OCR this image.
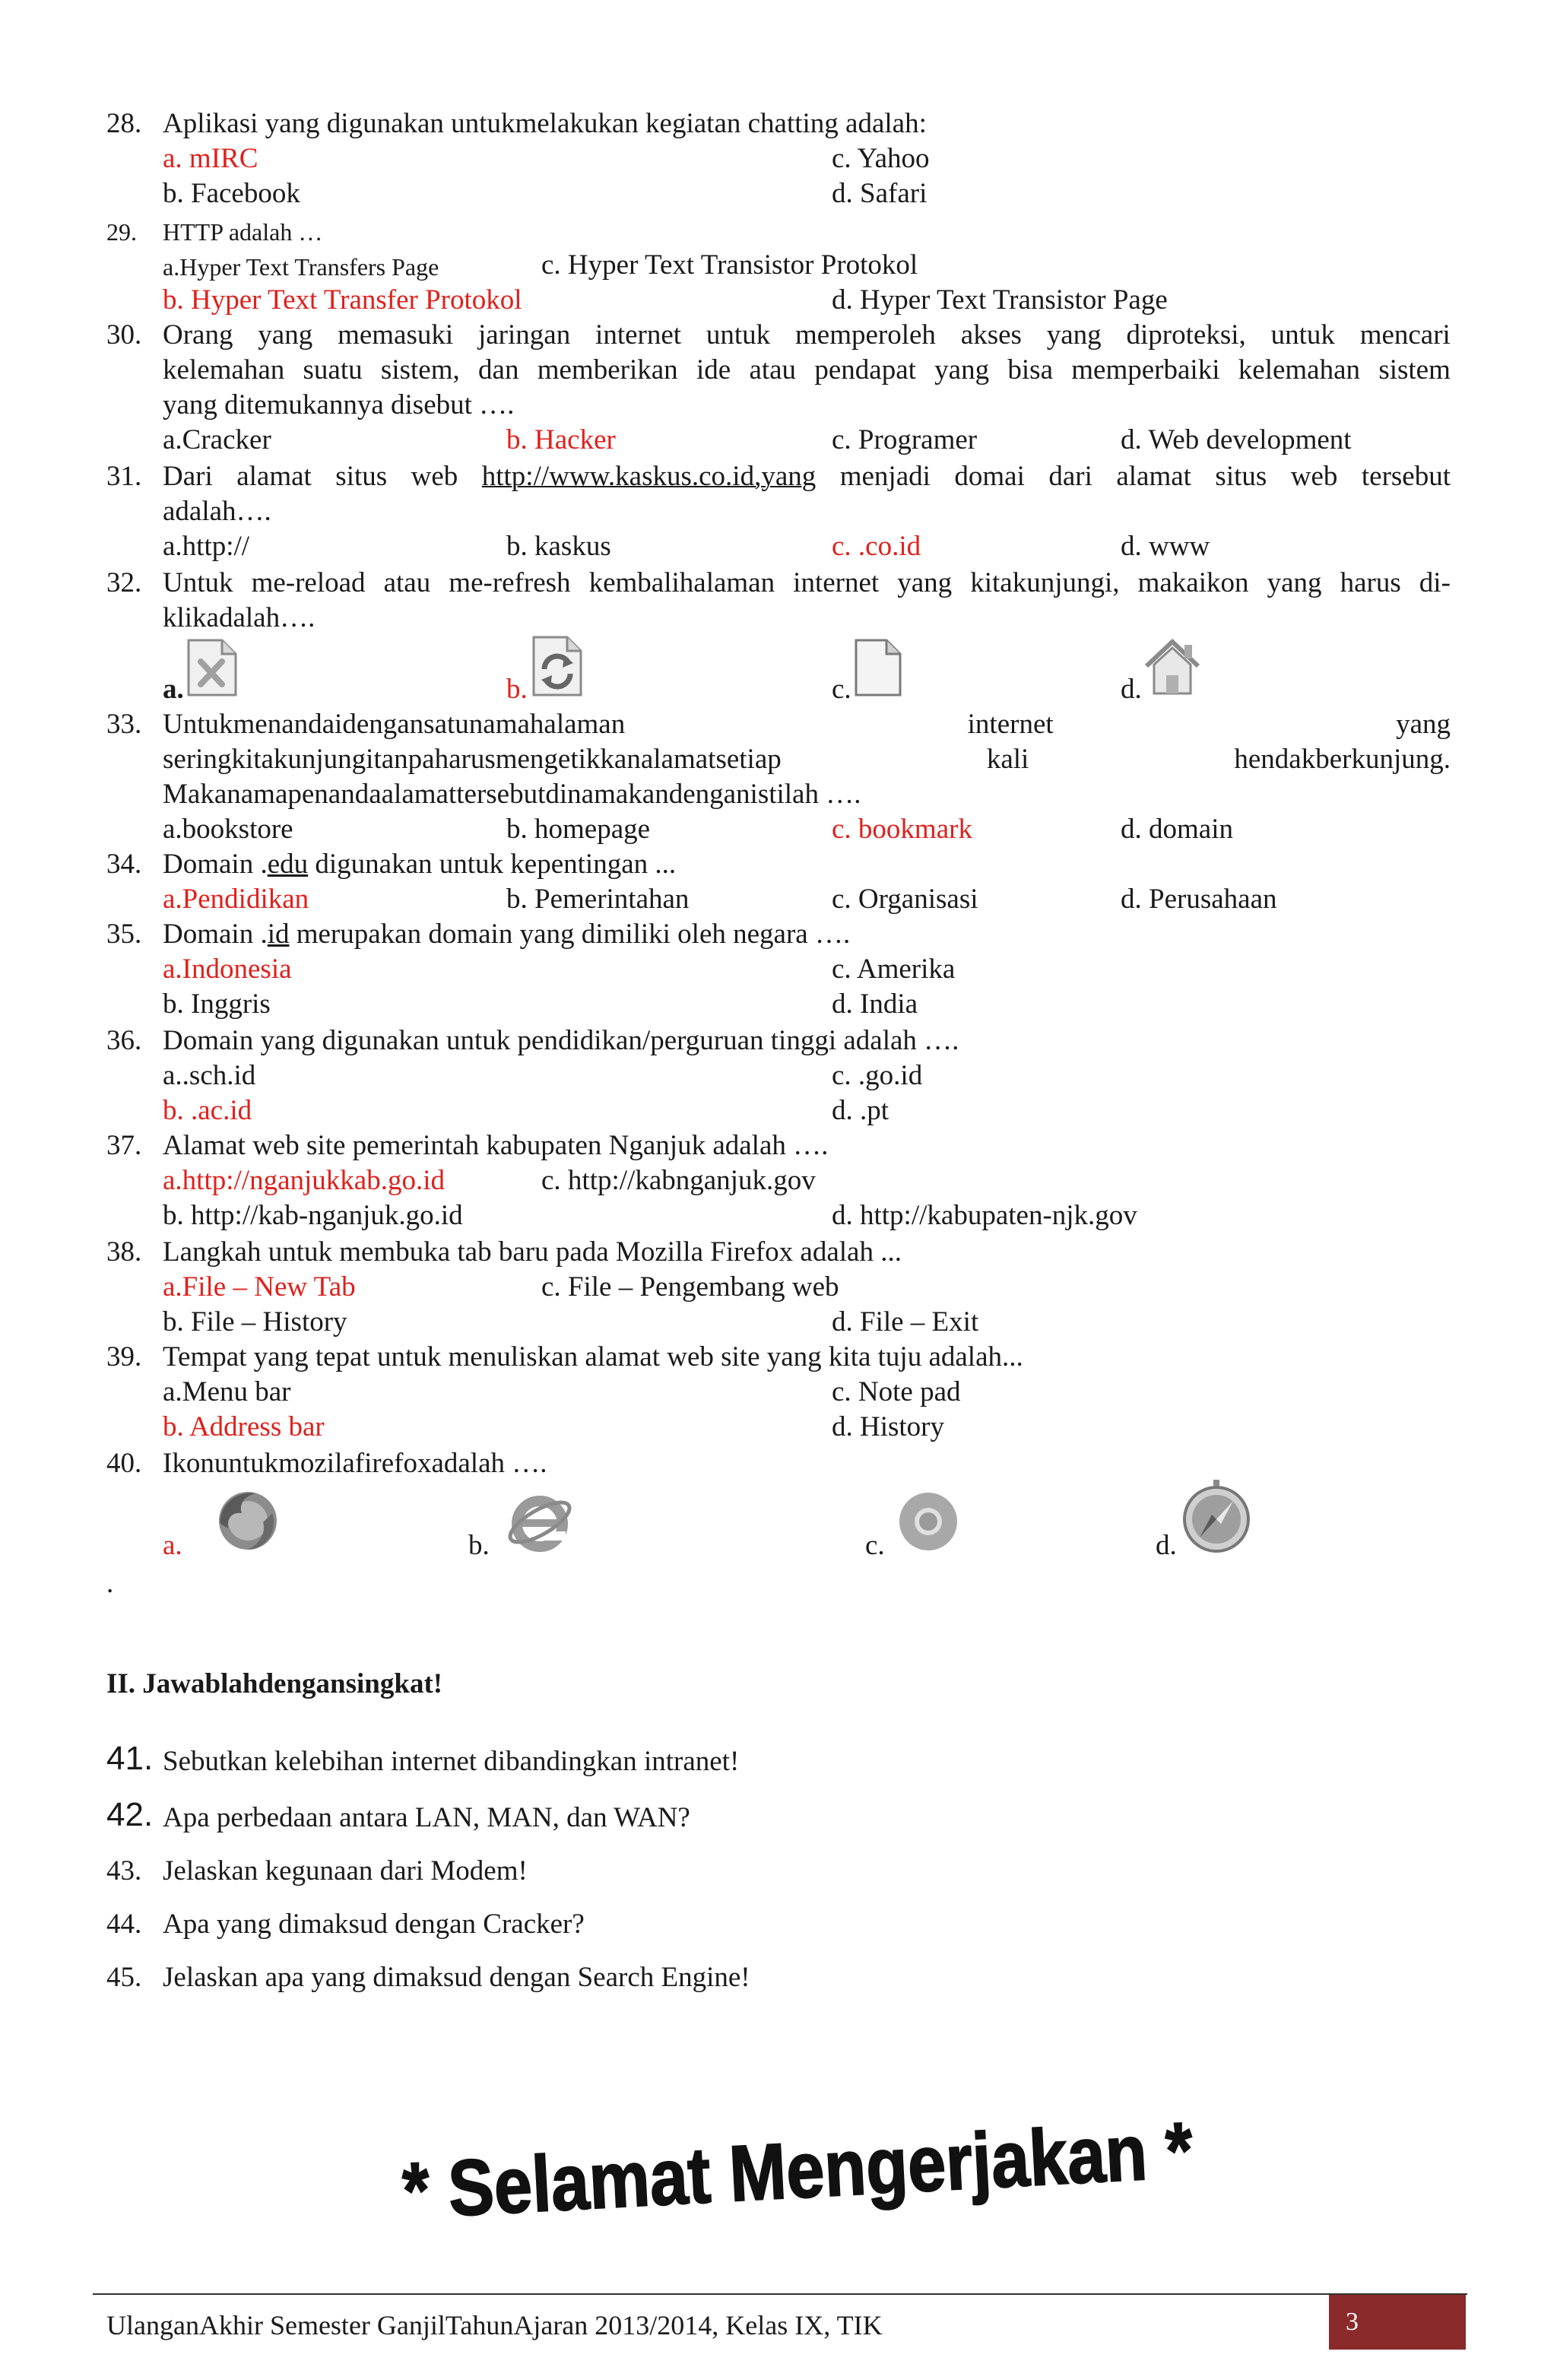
28. Aplikasi yang digunakan untukmelakukan kegiatan chatting adalah:
a. mIRC	c. Yahoo
b. Facebook	d. Safari
29. HTTP adalah …
a.Hyper Text Transfers Page	c. Hyper Text Transistor Protokol
b. Hyper Text Transfer Protokol	d. Hyper Text Transistor Page
30. Orang yang memasuki jaringan internet untuk memperoleh akses yang diproteksi, untuk mencari
kelemahan suatu sistem, dan memberikan ide atau pendapat yang bisa memperbaiki kelemahan sistem
yang ditemukannya disebut ….
a.Cracker	b. Hacker	c. Programer	d. Web development
31. Dari alamat situs web http://www.kaskus.co.id,yang menjadi domai dari alamat situs web tersebut
adalah….
a.http://	b. kaskus	c. .co.id	d. www
32. Untuk me-reload atau me-refresh kembalihalaman internet yang kitakunjungi, makaikon yang harus di-
klikadalah….
a.	b.	c.	d.
33. Untukmenandaidengansatunamahalaman	internet	yang
seringkitakunjungitanpaharusmengetikkanalamatsetiap	kali	hendakberkunjung.
Makanamapenandaalamattersebutdinamakandenganistilah ….
a.bookstore	b. homepage	c. bookmark	d. domain
34. Domain .edu digunakan untuk kepentingan ...
a.Pendidikan	b. Pemerintahan	c. Organisasi	d. Perusahaan
35. Domain .id merupakan domain yang dimiliki oleh negara ….
a.Indonesia	c. Amerika
b. Inggris	d. India
36. Domain yang digunakan untuk pendidikan/perguruan tinggi adalah ….
a..sch.id	c. .go.id
b. .ac.id	d. .pt
37. Alamat web site pemerintah kabupaten Nganjuk adalah ….
a.http://nganjukkab.go.id	c. http://kabnganjuk.gov
b. http://kab-nganjuk.go.id	d. http://kabupaten-njk.gov
38. Langkah untuk membuka tab baru pada Mozilla Firefox adalah ...
a.File – New Tab	c. File – Pengembang web
b. File – History	d. File – Exit
39. Tempat yang tepat untuk menuliskan alamat web site yang kita tuju adalah...
a.Menu bar	c. Note pad
b. Address bar	d. History
40. Ikonuntukmozilafirefoxadalah ….
a.	b.	c.	d.
.
II. Jawablahdengansingkat!
41. Sebutkan kelebihan internet dibandingkan intranet!
42. Apa perbedaan antara LAN, MAN, dan WAN?
43. Jelaskan kegunaan dari Modem!
44. Apa yang dimaksud dengan Cracker?
45. Jelaskan apa yang dimaksud dengan Search Engine!
* Selamat Mengerjakan *
UlanganAkhir Semester GanjilTahunAjaran 2013/2014, Kelas IX, TIK	3
